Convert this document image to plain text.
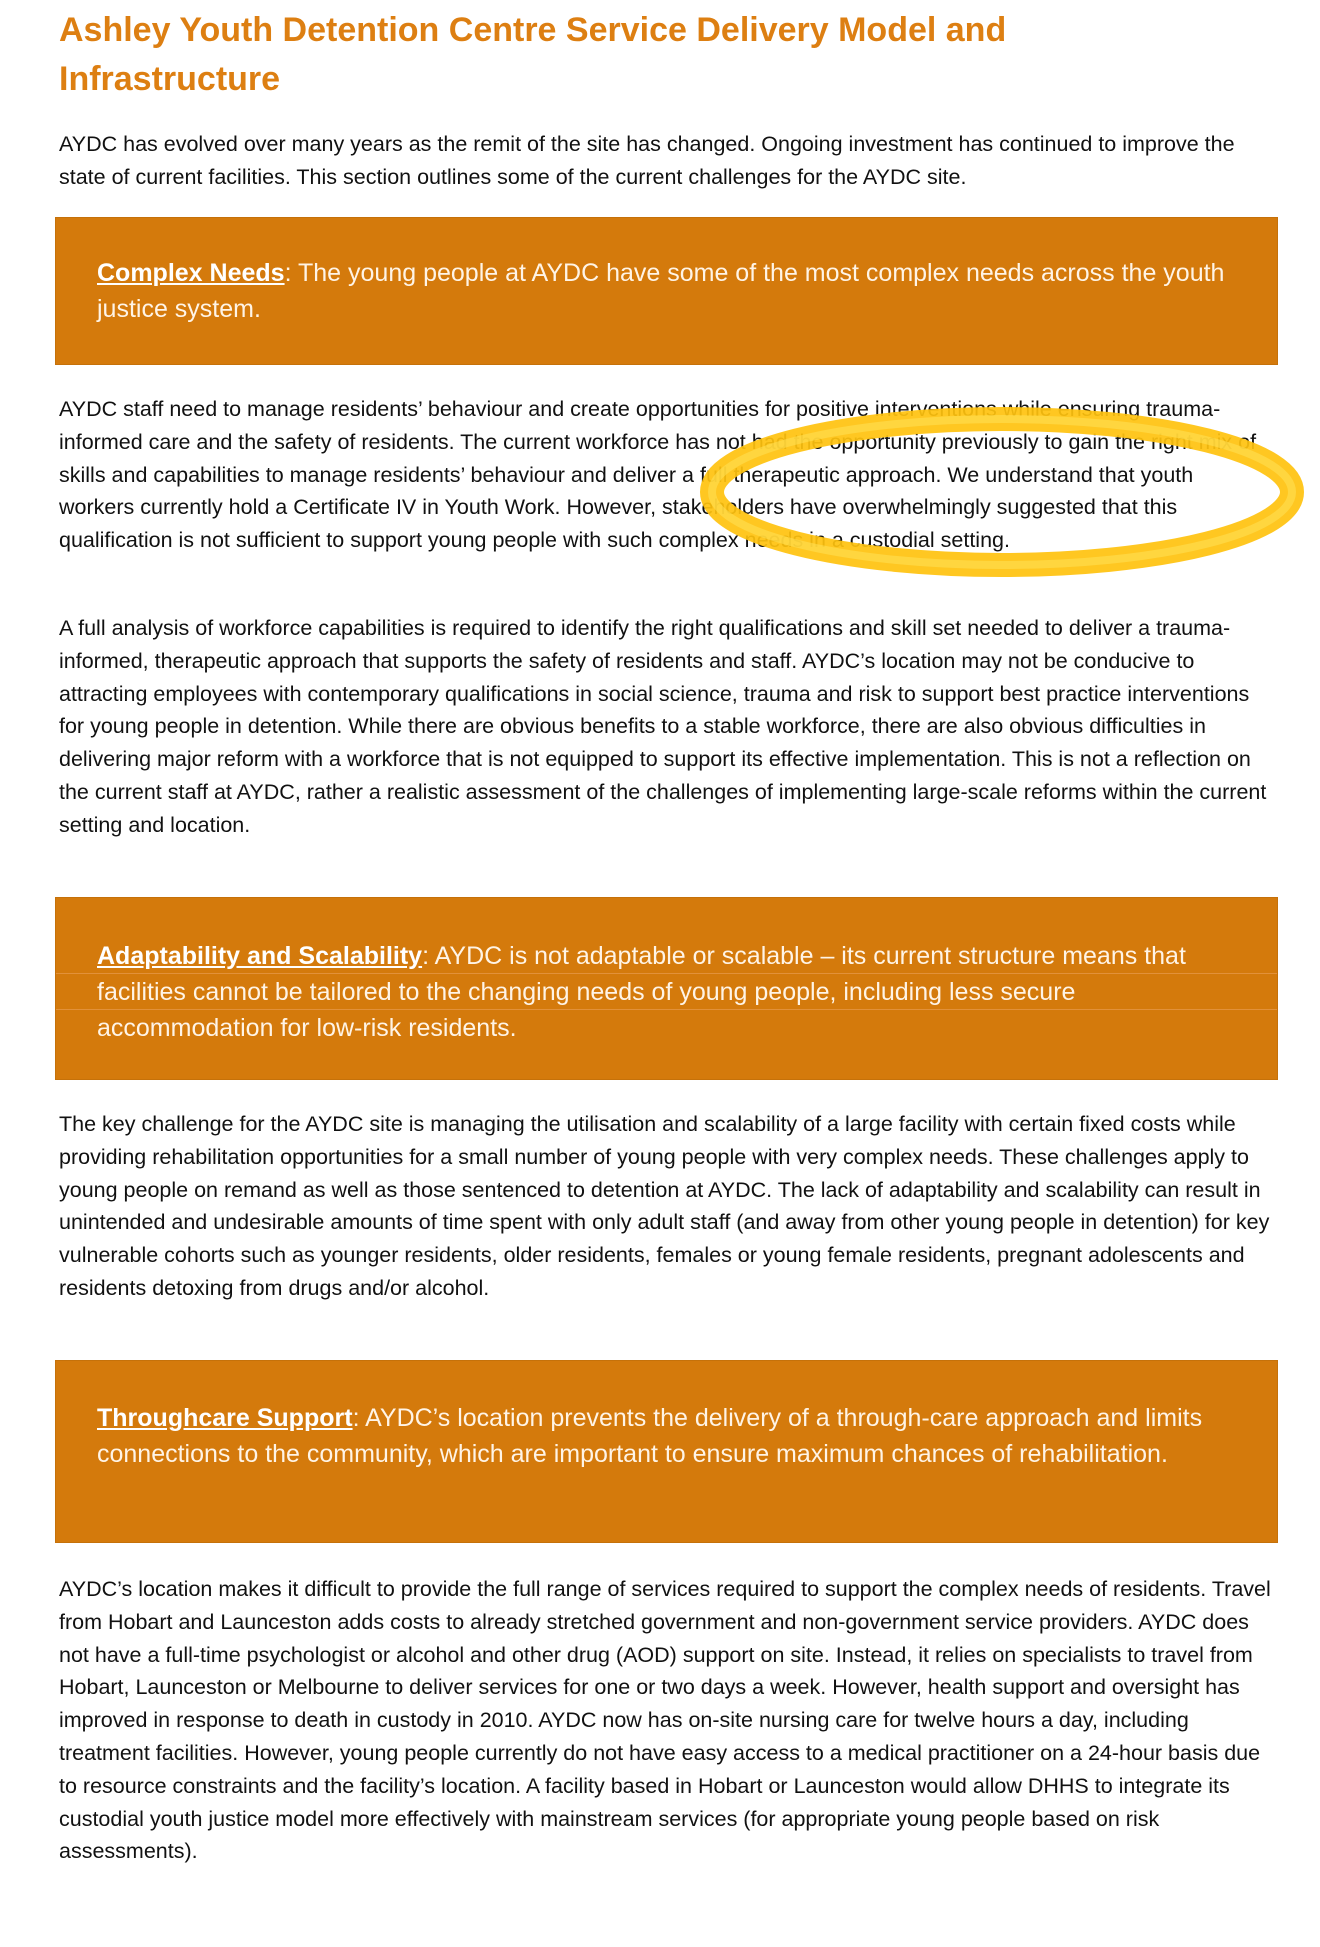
Ashley Youth Detention Centre Service Delivery Model and Infrastructure

AYDC has evolved over many years as the remit of the site has changed. Ongoing investment has continued to improve the state of current facilities. This section outlines some of the current challenges for the AYDC site.

Complex Needs: The young people at AYDC have some of the most complex needs across the youth justice system.

AYDC staff need to manage residents’ behaviour and create opportunities for positive interventions while ensuring trauma-informed care and the safety of residents. The current workforce has not had the opportunity previously to gain the right mix of skills and capabilities to manage residents’ behaviour and deliver a full therapeutic approach. We understand that youth workers currently hold a Certificate IV in Youth Work. However, stakeholders have overwhelmingly suggested that this qualification is not sufficient to support young people with such complex needs in a custodial setting.

A full analysis of workforce capabilities is required to identify the right qualifications and skill set needed to deliver a trauma-informed, therapeutic approach that supports the safety of residents and staff. AYDC’s location may not be conducive to attracting employees with contemporary qualifications in social science, trauma and risk to support best practice interventions for young people in detention. While there are obvious benefits to a stable workforce, there are also obvious difficulties in delivering major reform with a workforce that is not equipped to support its effective implementation. This is not a reflection on the current staff at AYDC, rather a realistic assessment of the challenges of implementing large-scale reforms within the current setting and location.

Adaptability and Scalability: AYDC is not adaptable or scalable – its current structure means that facilities cannot be tailored to the changing needs of young people, including less secure accommodation for low-risk residents.

The key challenge for the AYDC site is managing the utilisation and scalability of a large facility with certain fixed costs while providing rehabilitation opportunities for a small number of young people with very complex needs. These challenges apply to young people on remand as well as those sentenced to detention at AYDC. The lack of adaptability and scalability can result in unintended and undesirable amounts of time spent with only adult staff (and away from other young people in detention) for key vulnerable cohorts such as younger residents, older residents, females or young female residents, pregnant adolescents and residents detoxing from drugs and/or alcohol.

Throughcare Support: AYDC’s location prevents the delivery of a through-care approach and limits connections to the community, which are important to ensure maximum chances of rehabilitation.

AYDC’s location makes it difficult to provide the full range of services required to support the complex needs of residents. Travel from Hobart and Launceston adds costs to already stretched government and non-government service providers. AYDC does not have a full-time psychologist or alcohol and other drug (AOD) support on site. Instead, it relies on specialists to travel from Hobart, Launceston or Melbourne to deliver services for one or two days a week. However, health support and oversight has improved in response to death in custody in 2010. AYDC now has on-site nursing care for twelve hours a day, including treatment facilities. However, young people currently do not have easy access to a medical practitioner on a 24-hour basis due to resource constraints and the facility’s location. A facility based in Hobart or Launceston would allow DHHS to integrate its custodial youth justice model more effectively with mainstream services (for appropriate young people based on risk assessments).
